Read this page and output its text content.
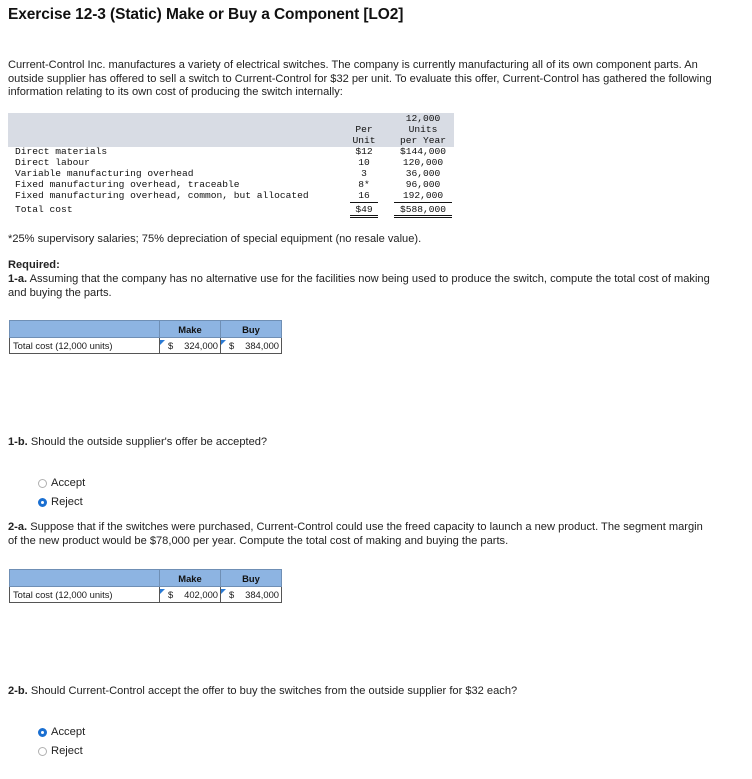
Exercise 12-3 (Static) Make or Buy a Component [LO2]
Current-Control Inc. manufactures a variety of electrical switches. The company is currently manufacturing all of its own component parts. An outside supplier has offered to sell a switch to Current-Control for $32 per unit. To evaluate this offer, Current-Control has gathered the following information relating to its own cost of producing the switch internally:
Per
Unit
12,000
Units
per Year
Direct materials	$12	$144,000
Direct labour	10	120,000
Variable manufacturing overhead	3	36,000
Fixed manufacturing overhead, traceable	8*	96,000
Fixed manufacturing overhead, common, but allocated	16	192,000
Total cost	$49	$588,000
*25% supervisory salaries; 75% depreciation of special equipment (no resale value).
Required:
1-a. Assuming that the company has no alternative use for the facilities now being used to produce the switch, compute the total cost of making and buying the parts.
	Make	Buy
Total cost (12,000 units)	$ 324,000	$ 384,000
1-b. Should the outside supplier's offer be accepted?
Accept
Reject
2-a. Suppose that if the switches were purchased, Current-Control could use the freed capacity to launch a new product. The segment margin of the new product would be $78,000 per year. Compute the total cost of making and buying the parts.
	Make	Buy
Total cost (12,000 units)	$ 402,000	$ 384,000
2-b. Should Current-Control accept the offer to buy the switches from the outside supplier for $32 each?
Accept
Reject
